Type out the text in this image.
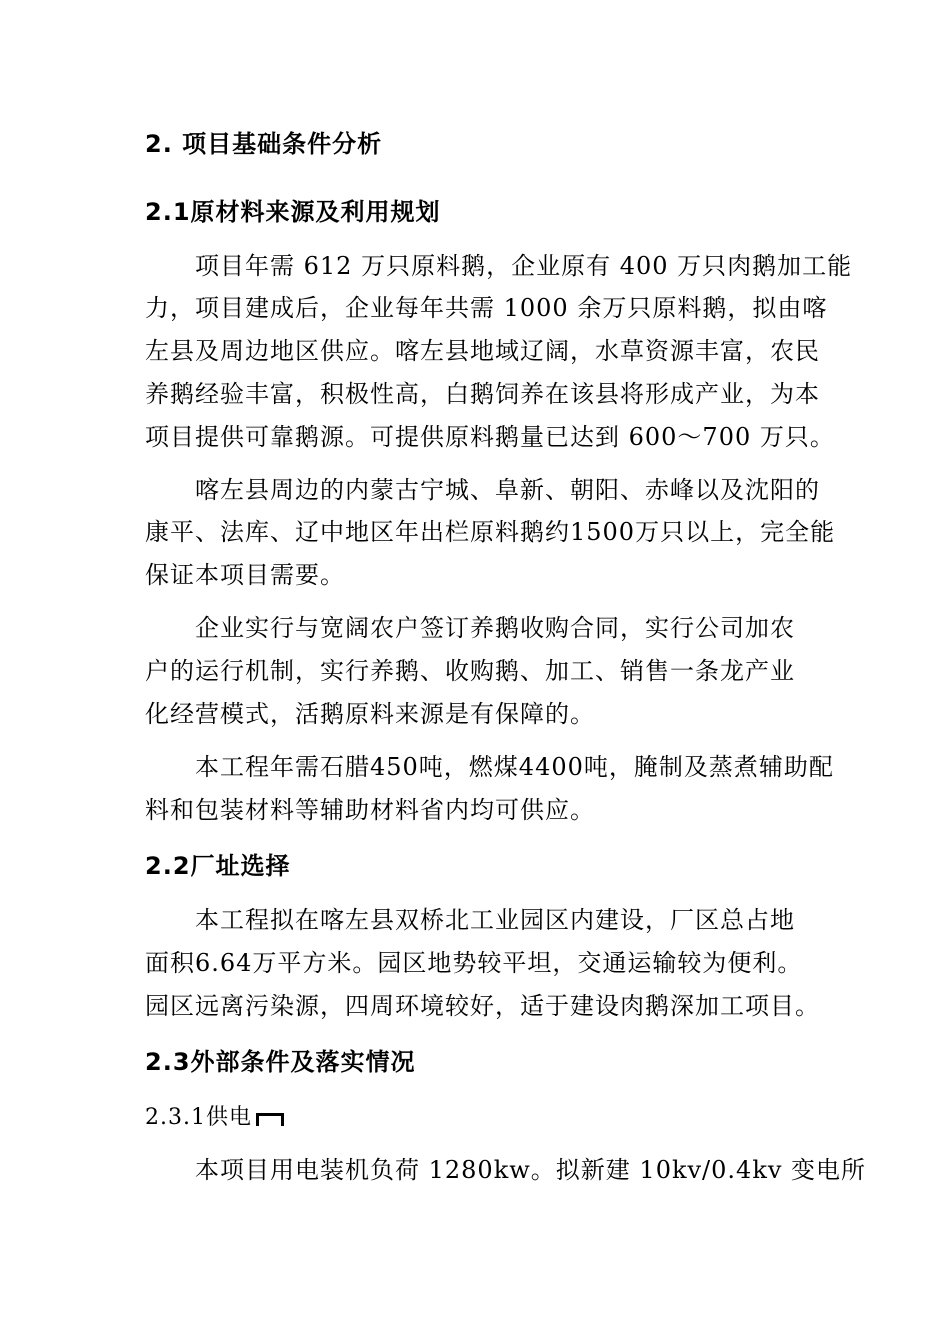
2. 项目基础条件分析
2.1原材料来源及利用规划
项目年需 612 万只原料鹅，企业原有 400 万只肉鹅加工能
力，项目建成后，企业每年共需 1000 余万只原料鹅，拟由喀
左县及周边地区供应。喀左县地域辽阔，水草资源丰富，农民
养鹅经验丰富，积极性高，白鹅饲养在该县将形成产业，为本
项目提供可靠鹅源。可提供原料鹅量已达到 600～700 万只。
喀左县周边的内蒙古宁城、阜新、朝阳、赤峰以及沈阳的
康平、法库、辽中地区年出栏原料鹅约1500万只以上，完全能
保证本项目需要。
企业实行与宽阔农户签订养鹅收购合同，实行公司加农
户的运行机制，实行养鹅、收购鹅、加工、销售一条龙产业
化经营模式，活鹅原料来源是有保障的。
本工程年需石腊450吨，燃煤4400吨，腌制及蒸煮辅助配
料和包装材料等辅助材料省内均可供应。
2.2厂址选择
本工程拟在喀左县双桥北工业园区内建设，厂区总占地
面积6.64万平方米。园区地势较平坦，交通运输较为便利。
园区远离污染源，四周环境较好，适于建设肉鹅深加工项目。
2.3外部条件及落实情况
2.3.1供电
本项目用电装机负荷 1280kw。拟新建 10kv/0.4kv 变电所
